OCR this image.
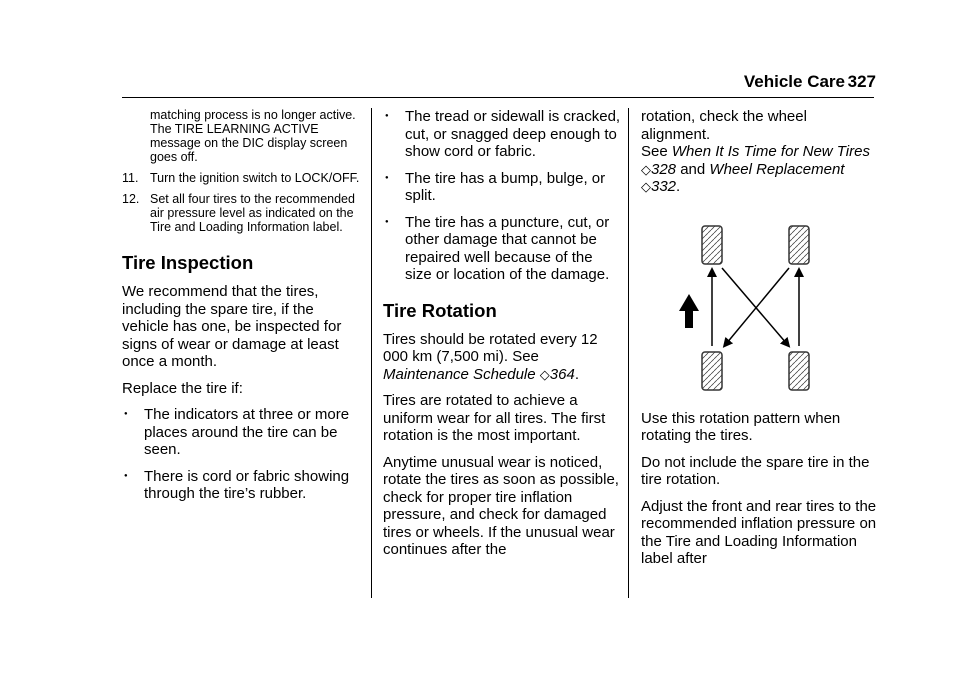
Vehicle Care 327

matching process is no longer active. The TIRE LEARNING ACTIVE message on the DIC display screen goes off.

11. Turn the ignition switch to LOCK/OFF.
12. Set all four tires to the recommended air pressure level as indicated on the Tire and Loading Information label.
Tire Inspection

We recommend that the tires, including the spare tire, if the vehicle has one, be inspected for signs of wear or damage at least once a month.

Replace the tire if:

● The indicators at three or more places around the tire can be seen.
● There is cord or fabric showing through the tire’s rubber.
● The tread or sidewall is cracked, cut, or snagged deep enough to show cord or fabric.
● The tire has a bump, bulge, or split.
● The tire has a puncture, cut, or other damage that cannot be repaired well because of the size or location of the damage.
Tire Rotation

Tires should be rotated every 12 000 km (7,500 mi). See Maintenance Schedule ◇364.

Tires are rotated to achieve a uniform wear for all tires. The first rotation is the most important.

Anytime unusual wear is noticed, rotate the tires as soon as possible, check for proper tire inflation pressure, and check for damaged tires or wheels. If the unusual wear continues after the

rotation, check the wheel alignment.

See When It Is Time for New Tires ◇328 and Wheel Replacement ◇332.

Use this rotation pattern when rotating the tires.

Do not include the spare tire in the tire rotation.

Adjust the front and rear tires to the recommended inflation pressure on the Tire and Loading Information label after
